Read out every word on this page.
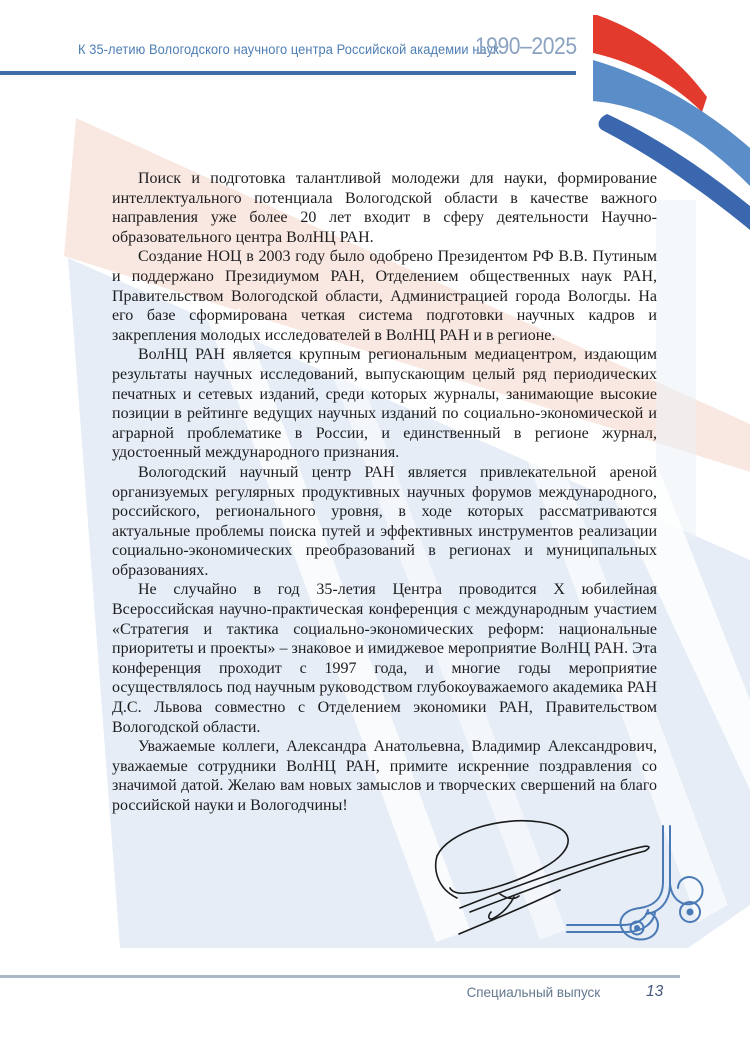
К 35-летию Вологодского научного центра Российской академии наук
1990–2025

Поиск и подготовка талантливой молодежи для науки, формирование интеллектуального потенциала Вологодской области в качестве важного направления уже более 20 лет входит в сферу деятельности Научно-образовательного центра ВолНЦ РАН.

Создание НОЦ в 2003 году было одобрено Президентом РФ В.В. Путиным и поддержано Президиумом РАН, Отделением общественных наук РАН, Правительством Вологодской области, Администрацией города Вологды. На его базе сформирована четкая система подготовки научных кадров и закрепления молодых исследователей в ВолНЦ РАН и в регионе.

ВолНЦ РАН является крупным региональным медиацентром, издающим результаты научных исследований, выпускающим целый ряд периодических печатных и сетевых изданий, среди которых журналы, занимающие высокие позиции в рейтинге ведущих научных изданий по социально-экономической и аграрной проблематике в России, и единственный в регионе журнал, удостоенный международного признания.

Вологодский научный центр РАН является привлекательной ареной организуемых регулярных продуктивных научных форумов международного, российского, регионального уровня, в ходе которых рассматриваются актуальные проблемы поиска путей и эффективных инструментов реализации социально-экономических преобразований в регионах и муниципальных образованиях.

Не случайно в год 35-летия Центра проводится X юбилейная Всероссийская научно-практическая конференция с международным участием «Стратегия и тактика социально-экономических реформ: национальные приоритеты и проекты» – знаковое и имиджевое мероприятие ВолНЦ РАН. Эта конференция проходит с 1997 года, и многие годы мероприятие осуществлялось под научным руководством глубокоуважаемого академика РАН Д.С. Львова совместно с Отделением экономики РАН, Правительством Вологодской области.

Уважаемые коллеги, Александра Анатольевна, Владимир Александрович, уважаемые сотрудники ВолНЦ РАН, примите искренние поздравления со значимой датой. Желаю вам новых замыслов и творческих свершений на благо российской науки и Вологодчины!

Специальный выпуск	13
